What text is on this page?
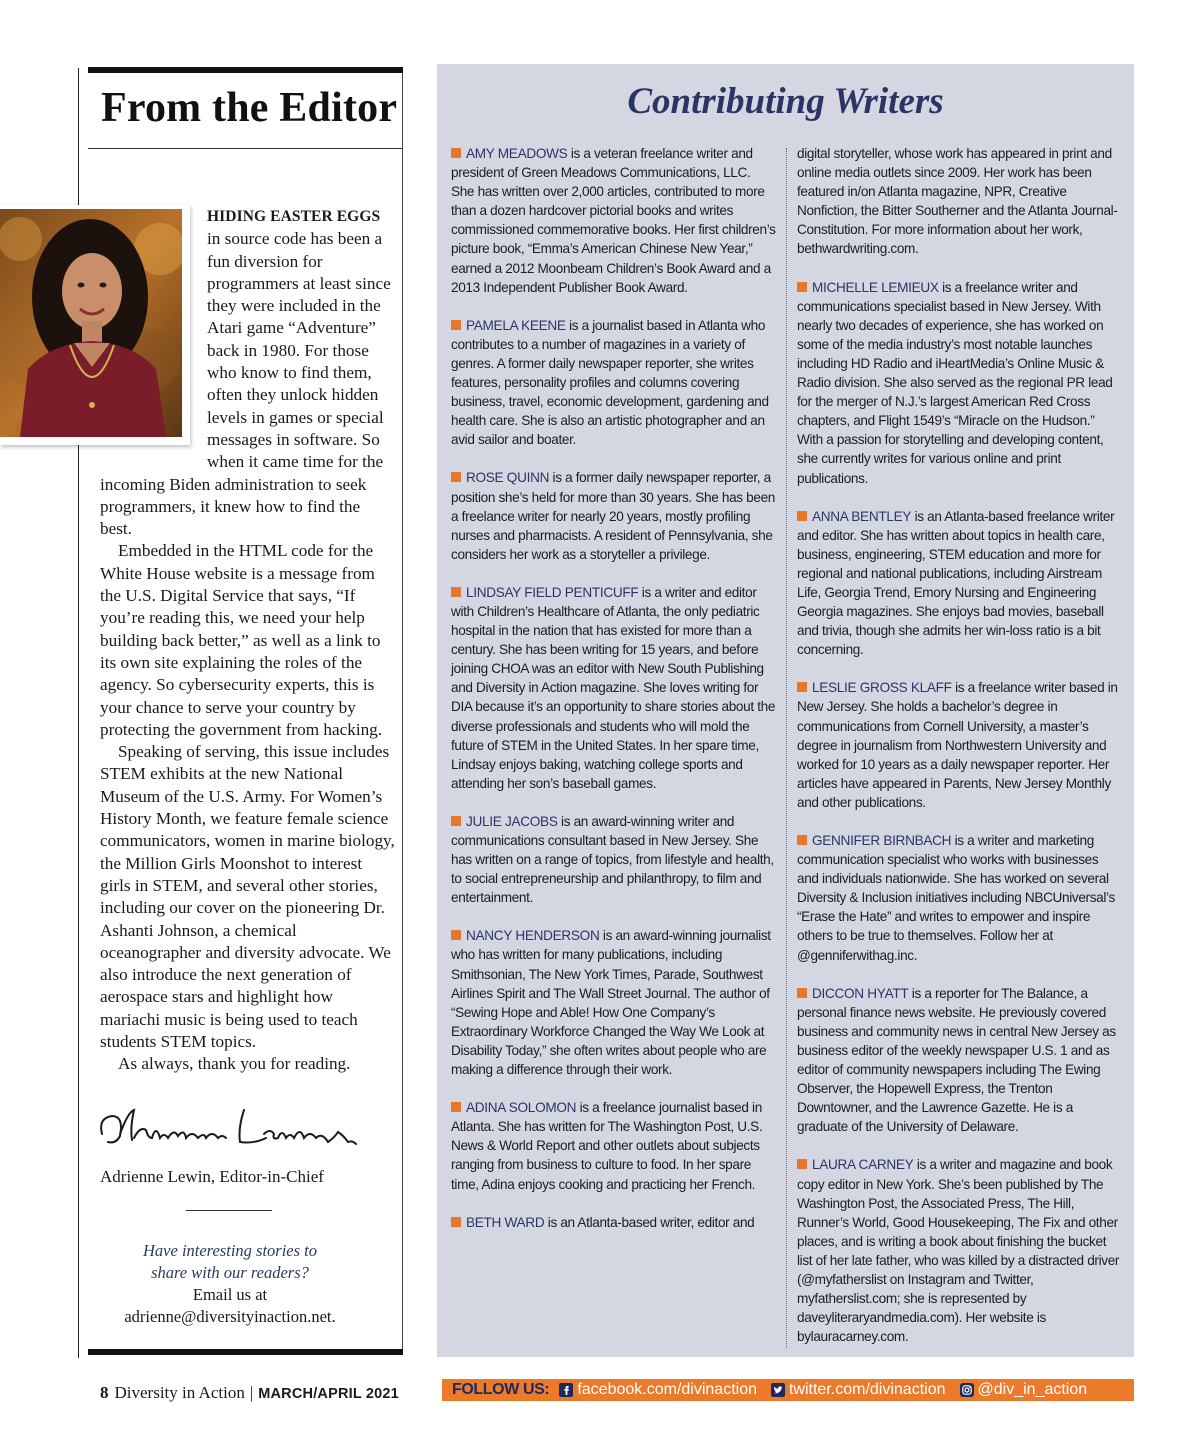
From the Editor

HIDING EASTER EGGS in source code has been a fun diversion for programmers at least since they were included in the Atari game “Adventure” back in 1980. For those who know to find them, often they unlock hidden levels in games or special messages in software. So when it came time for the incoming Biden administration to seek programmers, it knew how to find the best.

Embedded in the HTML code for the White House website is a message from the U.S. Digital Service that says, “If you’re reading this, we need your help building back better,” as well as a link to its own site explaining the roles of the agency. So cybersecurity experts, this is your chance to serve your country by protecting the government from hacking.

Speaking of serving, this issue includes STEM exhibits at the new National Museum of the U.S. Army. For Women’s History Month, we feature female science communicators, women in marine biology, the Million Girls Moonshot to interest girls in STEM, and several other stories, including our cover on the pioneering Dr. Ashanti Johnson, a chemical oceanographer and diversity advocate. We also introduce the next generation of aerospace stars and highlight how mariachi music is being used to teach students STEM topics.

As always, thank you for reading.

Adrienne Lewin, Editor-in-Chief
Have interesting stories to
share with our readers?
Email us at
adrienne@diversityinaction.net.
Contributing Writers
AMY MEADOWS is a veteran freelance writer and president of Green Meadows Communications, LLC. She has written over 2,000 articles, contributed to more than a dozen hardcover pictorial books and writes commissioned commemorative books. Her first children’s picture book, “Emma’s American Chinese New Year,” earned a 2012 Moonbeam Children’s Book Award and a 2013 Independent Publisher Book Award.
PAMELA KEENE is a journalist based in Atlanta who contributes to a number of magazines in a variety of genres. A former daily newspaper reporter, she writes features, personality profiles and columns covering business, travel, economic development, gardening and health care. She is also an artistic photographer and an avid sailor and boater.
ROSE QUINN is a former daily newspaper reporter, a position she’s held for more than 30 years. She has been a freelance writer for nearly 20 years, mostly profiling nurses and pharmacists. A resident of Pennsylvania, she considers her work as a storyteller a privilege.
LINDSAY FIELD PENTICUFF is a writer and editor with Children’s Healthcare of Atlanta, the only pediatric hospital in the nation that has existed for more than a century. She has been writing for 15 years, and before joining CHOA was an editor with New South Publishing and Diversity in Action magazine. She loves writing for DIA because it’s an opportunity to share stories about the diverse professionals and students who will mold the future of STEM in the United States. In her spare time, Lindsay enjoys baking, watching college sports and attending her son’s baseball games.
JULIE JACOBS is an award-winning writer and communications consultant based in New Jersey. She has written on a range of topics, from lifestyle and health, to social entrepreneurship and philanthropy, to film and entertainment.
NANCY HENDERSON is an award-winning journalist who has written for many publications, including Smithsonian, The New York Times, Parade, Southwest Airlines Spirit and The Wall Street Journal. The author of “Sewing Hope and Able! How One Company’s Extraordinary Workforce Changed the Way We Look at Disability Today,” she often writes about people who are making a difference through their work.
ADINA SOLOMON is a freelance journalist based in Atlanta. She has written for The Washington Post, U.S. News & World Report and other outlets about subjects ranging from business to culture to food. In her spare time, Adina enjoys cooking and practicing her French.
BETH WARD is an Atlanta-based writer, editor and
digital storyteller, whose work has appeared in print and online media outlets since 2009. Her work has been featured in/on Atlanta magazine, NPR, Creative Nonfiction, the Bitter Southerner and the Atlanta Journal-Constitution. For more information about her work, bethwardwriting.com.
MICHELLE LEMIEUX is a freelance writer and communications specialist based in New Jersey. With nearly two decades of experience, she has worked on some of the media industry’s most notable launches including HD Radio and iHeartMedia’s Online Music & Radio division. She also served as the regional PR lead for the merger of N.J.’s largest American Red Cross chapters, and Flight 1549’s “Miracle on the Hudson.” With a passion for storytelling and developing content, she currently writes for various online and print publications.
ANNA BENTLEY is an Atlanta-based freelance writer and editor. She has written about topics in health care, business, engineering, STEM education and more for regional and national publications, including Airstream Life, Georgia Trend, Emory Nursing and Engineering Georgia magazines. She enjoys bad movies, baseball and trivia, though she admits her win-loss ratio is a bit concerning.
LESLIE GROSS KLAFF is a freelance writer based in New Jersey. She holds a bachelor’s degree in communications from Cornell University, a master’s degree in journalism from Northwestern University and worked for 10 years as a daily newspaper reporter. Her articles have appeared in Parents, New Jersey Monthly and other publications.
GENNIFER BIRNBACH is a writer and marketing communication specialist who works with businesses and individuals nationwide. She has worked on several Diversity & Inclusion initiatives including NBCUniversal’s “Erase the Hate” and writes to empower and inspire others to be true to themselves. Follow her at @genniferwithag.inc.
DICCON HYATT is a reporter for The Balance, a personal finance news website. He previously covered business and community news in central New Jersey as business editor of the weekly newspaper U.S. 1 and as editor of community newspapers including The Ewing Observer, the Hopewell Express, the Trenton Downtowner, and the Lawrence Gazette. He is a graduate of the University of Delaware.
LAURA CARNEY is a writer and magazine and book copy editor in New York. She’s been published by The Washington Post, the Associated Press, The Hill, Runner’s World, Good Housekeeping, The Fix and other places, and is writing a book about finishing the bucket list of her late father, who was killed by a distracted driver (@myfatherslist on Instagram and Twitter, myfatherslist.com; she is represented by daveyliteraryandmedia.com). Her website is bylauracarney.com.
8 Diversity in Action | MARCH/APRIL 2021	FOLLOW US: facebook.com/divinaction twitter.com/divinaction @div_in_action
